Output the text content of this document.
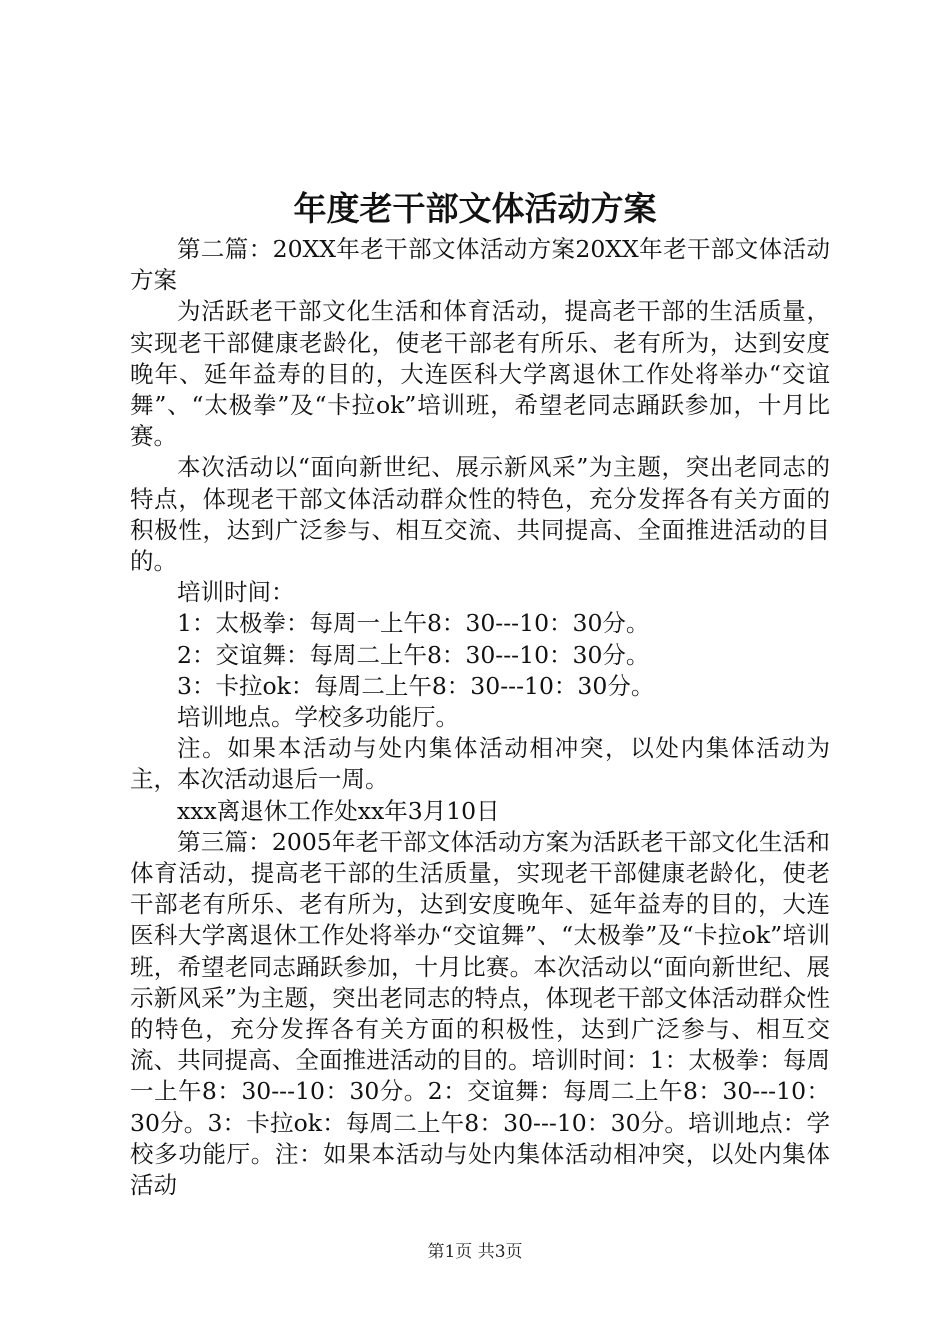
年度老干部文体活动方案

第二篇：20XX年老干部文体活动方案20XX年老干部文体活动方案

为活跃老干部文化生活和体育活动，提高老干部的生活质量，实现老干部健康老龄化，使老干部老有所乐、老有所为，达到安度晚年、延年益寿的目的，大连医科大学离退休工作处将举办“交谊舞”、“太极拳”及“卡拉ok”培训班，希望老同志踊跃参加，十月比赛。

本次活动以“面向新世纪、展示新风采”为主题，突出老同志的特点，体现老干部文体活动群众性的特色，充分发挥各有关方面的积极性，达到广泛参与、相互交流、共同提高、全面推进活动的目的。

培训时间：

1：太极拳：每周一上午8：30---10：30分。

2：交谊舞：每周二上午8：30---10：30分。

3：卡拉ok：每周二上午8：30---10：30分。

培训地点。学校多功能厅。

注。如果本活动与处内集体活动相冲突，以处内集体活动为主，本次活动退后一周。

xxx离退休工作处xx年3月10日

第三篇：2005年老干部文体活动方案为活跃老干部文化生活和体育活动，提高老干部的生活质量，实现老干部健康老龄化，使老干部老有所乐、老有所为，达到安度晚年、延年益寿的目的，大连医科大学离退休工作处将举办“交谊舞”、“太极拳”及“卡拉ok”培训班，希望老同志踊跃参加，十月比赛。本次活动以“面向新世纪、展示新风采”为主题，突出老同志的特点，体现老干部文体活动群众性的特色，充分发挥各有关方面的积极性，达到广泛参与、相互交流、共同提高、全面推进活动的目的。培训时间：1：太极拳：每周一上午8：30---10：30分。2：交谊舞：每周二上午8：30---10：30分。3：卡拉ok：每周二上午8：30---10：30分。培训地点：学校多功能厅。注：如果本活动与处内集体活动相冲突，以处内集体活动

第1页 共3页
